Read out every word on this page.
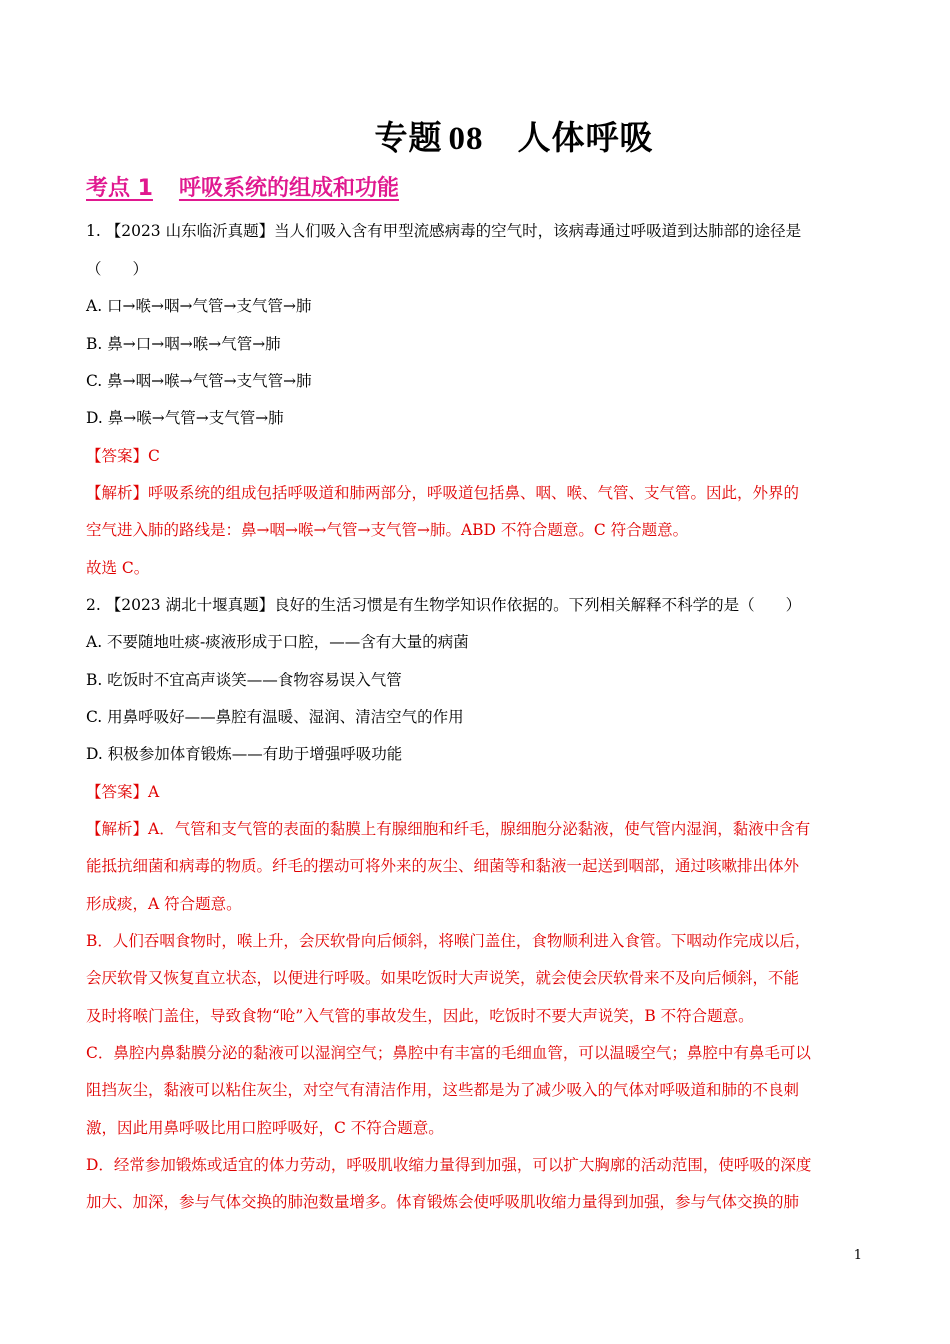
专题 08 人体呼吸
考点 1 呼吸系统的组成和功能
1. 【2023 山东临沂真题】当人们吸入含有甲型流感病毒的空气时，该病毒通过呼吸道到达肺部的途径是
（　　）
A. 口→喉→咽→气管→支气管→肺
B. 鼻→口→咽→喉→气管→肺
C. 鼻→咽→喉→气管→支气管→肺
D. 鼻→喉→气管→支气管→肺
【答案】C
【解析】呼吸系统的组成包括呼吸道和肺两部分，呼吸道包括鼻、咽、喉、气管、支气管。因此，外界的
空气进入肺的路线是：鼻→咽→喉→气管→支气管→肺。ABD 不符合题意。C 符合题意。
故选 C。
2. 【2023 湖北十堰真题】良好的生活习惯是有生物学知识作依据的。下列相关解释不科学的是（　　）
A. 不要随地吐痰-痰液形成于口腔，——含有大量的病菌
B. 吃饭时不宜高声谈笑——食物容易误入气管
C. 用鼻呼吸好——鼻腔有温暖、湿润、清洁空气的作用
D. 积极参加体育锻炼——有助于增强呼吸功能
【答案】A
【解析】A．气管和支气管的表面的黏膜上有腺细胞和纤毛，腺细胞分泌黏液，使气管内湿润，黏液中含有
能抵抗细菌和病毒的物质。纤毛的摆动可将外来的灰尘、细菌等和黏液一起送到咽部，通过咳嗽排出体外
形成痰，A 符合题意。
B．人们吞咽食物时，喉上升，会厌软骨向后倾斜，将喉门盖住，食物顺利进入食管。下咽动作完成以后，
会厌软骨又恢复直立状态，以便进行呼吸。如果吃饭时大声说笑，就会使会厌软骨来不及向后倾斜，不能
及时将喉门盖住，导致食物“呛”入气管的事故发生，因此，吃饭时不要大声说笑，B 不符合题意。
C．鼻腔内鼻黏膜分泌的黏液可以湿润空气；鼻腔中有丰富的毛细血管，可以温暖空气；鼻腔中有鼻毛可以
阻挡灰尘，黏液可以粘住灰尘，对空气有清洁作用，这些都是为了减少吸入的气体对呼吸道和肺的不良刺
激，因此用鼻呼吸比用口腔呼吸好，C 不符合题意。
D．经常参加锻炼或适宜的体力劳动，呼吸肌收缩力量得到加强，可以扩大胸廓的活动范围，使呼吸的深度
加大、加深，参与气体交换的肺泡数量增多。体育锻炼会使呼吸肌收缩力量得到加强，参与气体交换的肺
1
